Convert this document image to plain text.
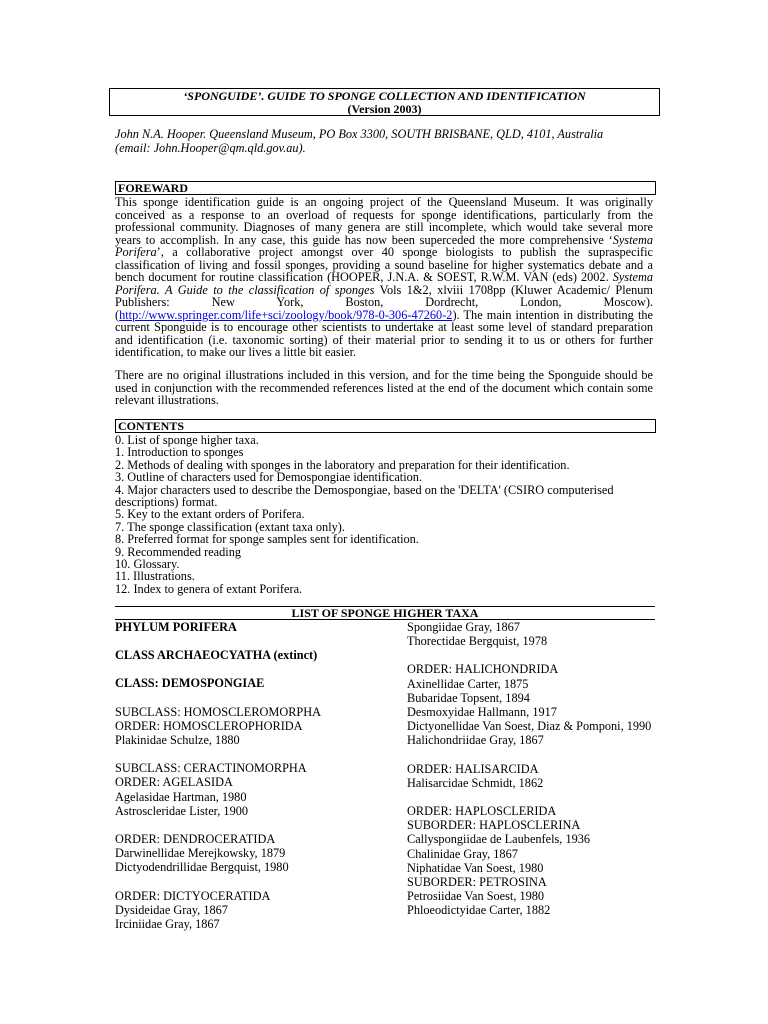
‘SPONGUIDE’. GUIDE TO SPONGE COLLECTION AND IDENTIFICATION
(Version 2003)
John N.A. Hooper. Queensland Museum, PO Box 3300, SOUTH BRISBANE, QLD, 4101, Australia
(email: John.Hooper@qm.qld.gov.au).
FOREWARD
This sponge identification guide is an ongoing project of the Queensland Museum. It was originally conceived as a response to an overload of requests for sponge identifications, particularly from the professional community. Diagnoses of many genera are still incomplete, which would take several more years to accomplish. In any case, this guide has now been superceded the more comprehensive ‘Systema Porifera’, a collaborative project amongst over 40 sponge biologists to publish the supraspecific classification of living and fossil sponges, providing a sound baseline for higher systematics debate and a bench document for routine classification (HOOPER, J.N.A. & SOEST, R.W.M. VAN (eds) 2002. Systema Porifera. A Guide to the classification of sponges Vols 1&2, xlviii 1708pp (Kluwer Academic/ Plenum Publishers: New York, Boston, Dordrecht, London, Moscow). (http://www.springer.com/life+sci/zoology/book/978-0-306-47260-2). The main intention in distributing the current Sponguide is to encourage other scientists to undertake at least some level of standard preparation and identification (i.e. taxonomic sorting) of their material prior to sending it to us or others for further identification, to make our lives a little bit easier.
There are no original illustrations included in this version, and for the time being the Sponguide should be used in conjunction with the recommended references listed at the end of the document which contain some relevant illustrations.
CONTENTS
0. List of sponge higher taxa.
1. Introduction to sponges
2. Methods of dealing with sponges in the laboratory and preparation for their identification.
3. Outline of characters used for Demospongiae identification.
4. Major characters used to describe the Demospongiae, based on the 'DELTA' (CSIRO computerised descriptions) format.
5. Key to the extant orders of Porifera.
7. The sponge classification (extant taxa only).
8. Preferred format for sponge samples sent for identification.
9. Recommended reading
10. Glossary.
11. Illustrations.
12. Index to genera of extant Porifera.
LIST OF SPONGE HIGHER TAXA
PHYLUM PORIFERA
CLASS ARCHAEOCYATHA (extinct)
CLASS: DEMOSPONGIAE
SUBCLASS: HOMOSCLEROMORPHA
ORDER: HOMOSCLEROPHORIDA
Plakinidae Schulze, 1880
SUBCLASS: CERACTINOMORPHA
ORDER: AGELASIDA
Agelasidae Hartman, 1980
Astroscleridae Lister, 1900
ORDER: DENDROCERATIDA
Darwinellidae Merejkowsky, 1879
Dictyodendrillidae Bergquist, 1980
ORDER: DICTYOCERATIDA
Dysideidae Gray, 1867
Irciniidae Gray, 1867
Spongiidae Gray, 1867
Thorectidae Bergquist, 1978
ORDER: HALICHONDRIDA
Axinellidae Carter, 1875
Bubaridae Topsent, 1894
Desmoxyidae Hallmann, 1917
Dictyonellidae Van Soest, Diaz & Pomponi, 1990
Halichondriidae Gray, 1867
ORDER: HALISARCIDA
Halisarcidae Schmidt, 1862
ORDER: HAPLOSCLERIDA
SUBORDER: HAPLOSCLERINA
Callyspongiidae de Laubenfels, 1936
Chalinidae Gray, 1867
Niphatidae Van Soest, 1980
SUBORDER: PETROSINA
Petrosiidae Van Soest, 1980
Phloeodictyidae Carter, 1882
